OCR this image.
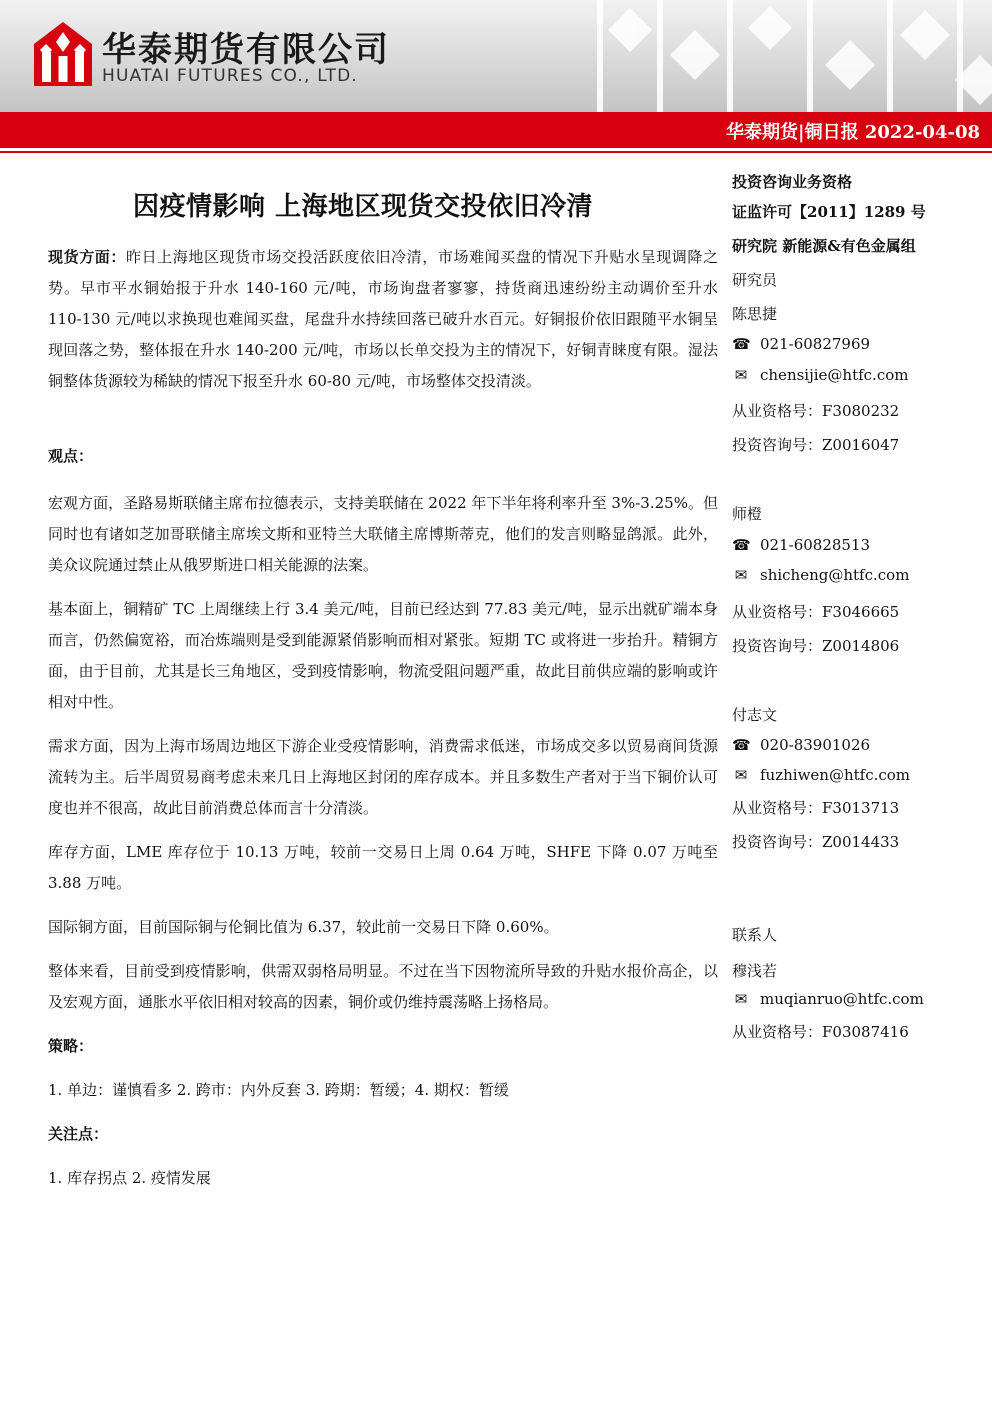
华泰期货有限公司
HUATAI FUTURES CO., LTD.
华泰期货|铜日报 2022-04-08
因疫情影响 上海地区现货交投依旧冷清

现货方面：昨日上海地区现货市场交投活跃度依旧冷清，市场难闻买盘的情况下升贴水呈现调降之势。早市平水铜始报于升水 140-160 元/吨，市场询盘者寥寥，持货商迅速纷纷主动调价至升水 110-130 元/吨以求换现也难闻买盘，尾盘升水持续回落已破升水百元。好铜报价依旧跟随平水铜呈现回落之势，整体报在升水 140-200 元/吨，市场以长单交投为主的情况下，好铜青睐度有限。湿法铜整体货源较为稀缺的情况下报至升水 60-80 元/吨，市场整体交投清淡。

观点：

宏观方面，圣路易斯联储主席布拉德表示，支持美联储在 2022 年下半年将利率升至 3%-3.25%。但同时也有诸如芝加哥联储主席埃文斯和亚特兰大联储主席博斯蒂克，他们的发言则略显鸽派。此外，美众议院通过禁止从俄罗斯进口相关能源的法案。

基本面上，铜精矿 TC 上周继续上行 3.4 美元/吨，目前已经达到 77.83 美元/吨，显示出就矿端本身而言，仍然偏宽裕，而冶炼端则是受到能源紧俏影响而相对紧张。短期 TC 或将进一步抬升。精铜方面，由于目前，尤其是长三角地区，受到疫情影响，物流受阻问题严重，故此目前供应端的影响或许相对中性。

需求方面，因为上海市场周边地区下游企业受疫情影响，消费需求低迷，市场成交多以贸易商间货源流转为主。后半周贸易商考虑未来几日上海地区封闭的库存成本。并且多数生产者对于当下铜价认可度也并不很高，故此目前消费总体而言十分清淡。

库存方面，LME 库存位于 10.13 万吨，较前一交易日上周 0.64 万吨，SHFE 下降 0.07 万吨至 3.88 万吨。

国际铜方面，目前国际铜与伦铜比值为 6.37，较此前一交易日下降 0.60%。

整体来看，目前受到疫情影响，供需双弱格局明显。不过在当下因物流所导致的升贴水报价高企，以及宏观方面，通胀水平依旧相对较高的因素，铜价或仍维持震荡略上扬格局。

策略：

1. 单边：谨慎看多 2. 跨市：内外反套 3. 跨期：暂缓；4. 期权：暂缓

关注点：

1. 库存拐点 2. 疫情发展

投资咨询业务资格
证监许可【2011】1289 号
研究院 新能源&有色金属组
研究员
陈思捷
☎ 021-60827969
✉ chensijie@htfc.com
从业资格号：F3080232
投资咨询号：Z0016047
师橙
☎ 021-60828513
✉ shicheng@htfc.com
从业资格号：F3046665
投资咨询号：Z0014806
付志文
☎ 020-83901026
✉ fuzhiwen@htfc.com
从业资格号：F3013713
投资咨询号：Z0014433
联系人
穆浅若
✉ muqianruo@htfc.com
从业资格号：F03087416
